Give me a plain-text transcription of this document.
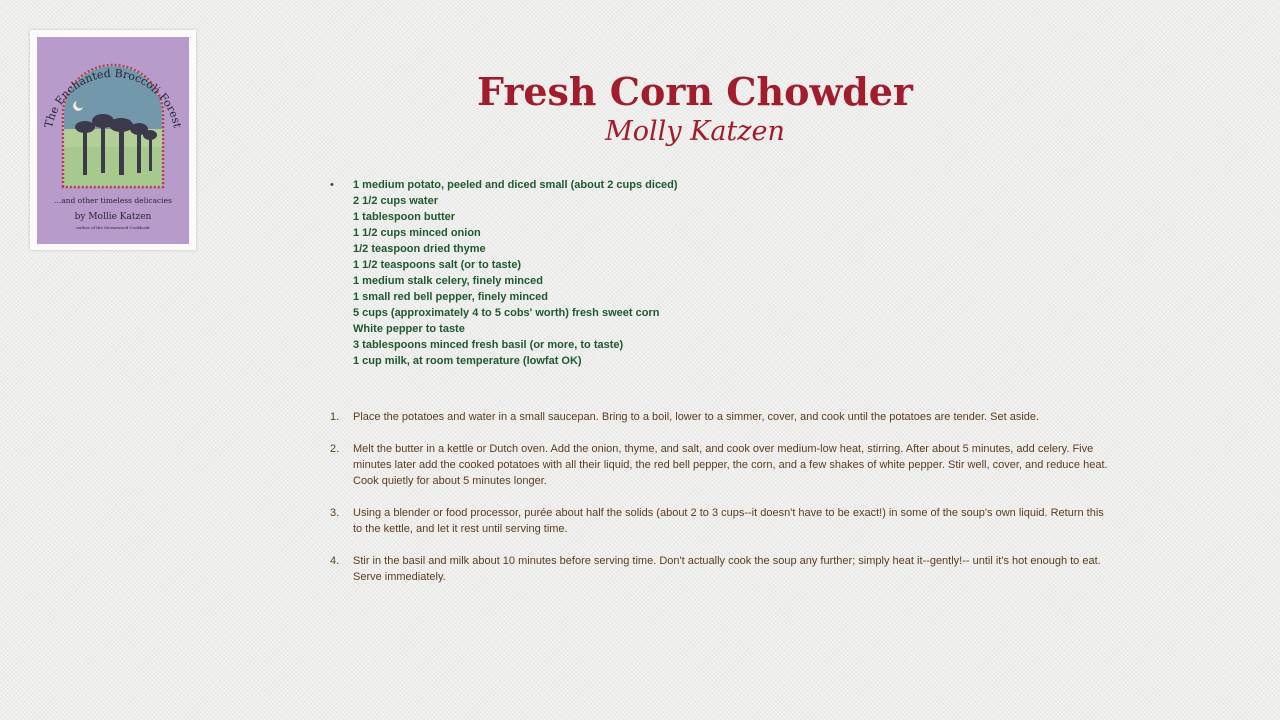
The Enchanted Broccoli Forest
...and other timeless delicacies
by Mollie Katzen
author of the Moosewood Cookbook
Fresh Corn Chowder
Molly Katzen
• 1 medium potato, peeled and diced small (about 2 cups diced)
2 1/2 cups water
1 tablespoon butter
1 1/2 cups minced onion
1/2 teaspoon dried thyme
1 1/2 teaspoons salt (or to taste)
1 medium stalk celery, finely minced
1 small red bell pepper, finely minced
5 cups (approximately 4 to 5 cobs' worth) fresh sweet corn
White pepper to taste
3 tablespoons minced fresh basil (or more, to taste)
1 cup milk, at room temperature (lowfat OK)
1. Place the potatoes and water in a small saucepan. Bring to a boil, lower to a simmer, cover, and cook until the potatoes are tender. Set aside.
2. Melt the butter in a kettle or Dutch oven. Add the onion, thyme, and salt, and cook over medium-low heat, stirring. After about 5 minutes, add celery. Five minutes later add the cooked potatoes with all their liquid, the red bell pepper, the corn, and a few shakes of white pepper. Stir well, cover, and reduce heat. Cook quietly for about 5 minutes longer.
3. Using a blender or food processor, purée about half the solids (about 2 to 3 cups--it doesn't have to be exact!) in some of the soup's own liquid. Return this to the kettle, and let it rest until serving time.
4. Stir in the basil and milk about 10 minutes before serving time. Don't actually cook the soup any further; simply heat it--gently!-- until it's hot enough to eat. Serve immediately.
